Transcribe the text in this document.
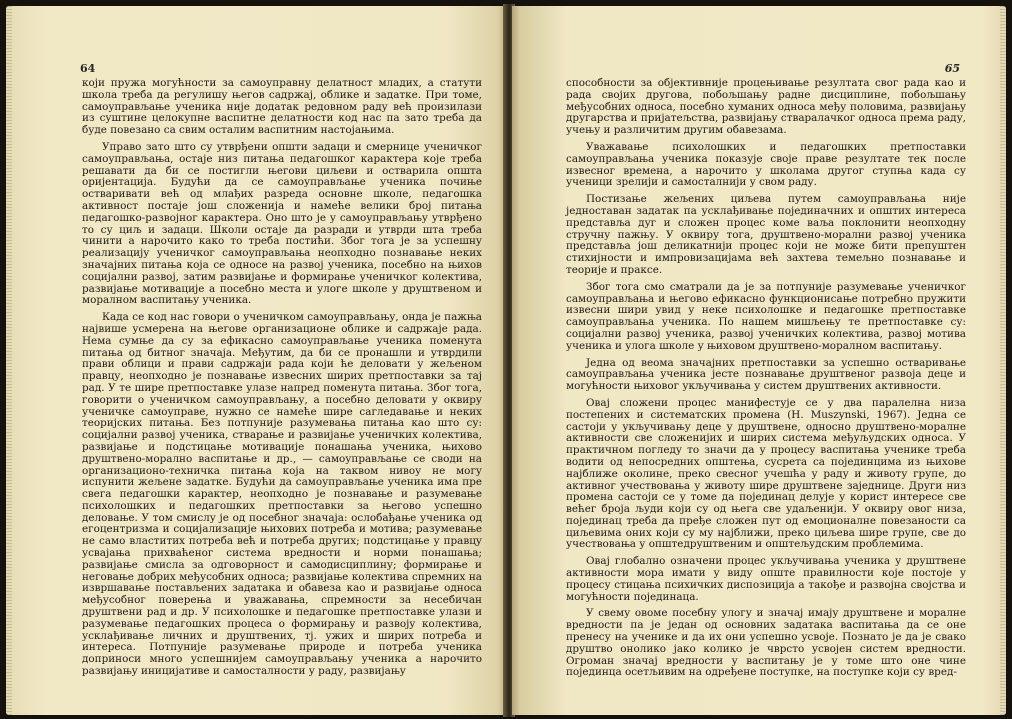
64

који пружа могућности за самоуправну делатност младих, а статути школа треба да регулишу његов садржај, облике и задатке. При томе, самоуправљање ученика није додатак редовном раду већ произилази из суштине целокупне васпитне делатности код нас па зато треба да буде повезано са свим осталим васпитним настојањима.

Управо зато што су утврђени општи задаци и смернице ученичког самоуправљања, остаје низ питања педагошког карактера које треба решавати да би се постигли његови циљеви и остварила општа оријентација. Будући да се самоуправљање ученика почиње остваривати већ од млађих разреда основне школе, педагошка активност постаје још сложенија и намеће велики број питања педагошко-развојног карактера. Оно што је у самоуправљању утврђено то су циљ и задаци. Школи остаје да разради и утврди шта треба чинити а нарочито како то треба постићи. Због тога је за успешну реализацију ученичког самоуправљања неопходно познавање неких значајних питања која се односе на развој ученика, посебно на њихов социјални развој, затим развијање и формирање ученичког колектива, развијање мотивације а посебно места и улоге школе у друштвеном и моралном васпитању ученика.

Када се код нас говори о ученичком самоуправљању, онда је пажња највише усмерена на његове организационе облике и садржаје рада. Нема сумње да су за ефикасно самоуправљање ученика поменута питања од битног значаја. Међутим, да би се пронашли и утврдили прави облици и прави садржаји рада који ће деловати у жељеном правцу, неопходно је познавање извесних ширих претпоставки за тај рад. У те шире претпоставке улазе напред поменута питања. Због тога, говорити о ученичком самоуправљању, а посебно деловати у оквиру ученичке самоуправе, нужно се намеће шире сагледавање и неких теоријских питања. Без потпуније разумевања питања као што су: социјални развој ученика, стварање и развијање ученичких колектива, развијање и подстицање мотивације понашања ученика, њихово друштвено-морално васпитање и др., — самоуправљање се своди на организационо-техничка питања која на таквом нивоу не могу испунити жељене задатке. Будући да самоуправљање ученика има пре свега педагошки карактер, неопходно је познавање и разумевање психолошких и педагошких претпоставки за његово успешно деловање. У том смислу је од посебног значаја: ослобађање ученика од егоцентризма и социјализације њихових потреба и мотива; разумевање не само властитих потреба већ и потреба других; подстицање у правцу усвајања прихваћеног система вредности и норми понашања; развијање смисла за одговорност и самодисциплину; формирање и неговање добрих међусобних односа; развијање колектива спремних на извршавање постављених задатака и обавеза као и развијање односа међусобног поверења и уважавања, спремности за несебичан друштвени рад и др. У психолошке и педагошке претпоставке улази и разумевање педагошких процеса о формирању и развоју колектива, усклађивање личних и друштвених, тј. ужих и ширих потреба и интереса. Потпуније разумевање природе и потреба ученика доприноси много успешнијем самоуправљању ученика а нарочито развијању иницијативе и самосталности у раду, развијању

65

способности за објективније процењивање резултата свог рада као и рада својих другова, побољшању радне дисциплине, побољшању међусобних односа, посебно хуманих односа међу половима, развијању другарства и пријатељства, развијању стваралачког односа према раду, учењу и различитим другим обавезама.

Уважавање психолошких и педагошких претпоставки самоуправљања ученика показује своје праве резултате тек после извесног времена, а нарочито у школама другог ступња када су ученици зрелији и самосталнији у свом раду.

Постизање жељених циљева путем самоуправљања није једноставан задатак па усклађивање појединачних и општих интереса представља дуг и сложен процес коме ваља поклонити неопходну стручну пажњу. У оквиру тога, друштвено-морални развој ученика представља још деликатнији процес који не може бити препуштен стихијности и импровизацијама већ захтева темељно познавање и теорије и праксе.

Због тога смо сматрали да је за потпуније разумевање ученичког самоуправљања и његово ефикасно функционисање потребно пружити извесни шири увид у неке психолошке и педагошке претпоставке самоуправљања ученика. По нашем мишљењу те претпоставке су: социјални развој ученика, развој ученичких колектива, развој мотива ученика и улога школе у њиховом друштвено-моралном васпитању.

Једна од веома значајних претпоставки за успешно остваривање самоуправљања ученика јесте познавање друштвеног развоја деце и могућности њиховог укључивања у систем друштвених активности.

Овај сложени процес манифестује се у два паралелна низа постепених и систематских промена (Н. Muszynski, 1967). Једна се састоји у укључивању деце у друштвене, односно друштвено-моралне активности све сложенијих и ширих система међуљудских односа. У практичном погледу то значи да у процесу васпитања ученике треба водити од непосредних општења, сусрета са појединцима из њихове најближе околине, преко свесног учешћа у раду и животу групе, до активног учествовања у животу шире друштвене заједнице. Други низ промена састоји се у томе да појединац делује у корист интересе све већег броја људи који су од њега све удаљенији. У оквиру овог низа, појединац треба да пређе сложен пут од емоционалне повезаности са циљевима оних који су му најближи, преко циљева шире групе, све до учествовања у општедруштвеним и општељудским проблемима.

Овај глобално означени процес укључивања ученика у друштвене активности мора имати у виду опште правилности које постоје у процесу стицања психичких диспозиција а такође и развојна својства и могућности појединаца.

У свему овоме посебну улогу и значај имају друштвене и моралне вредности па је један од основних задатака васпитања да се оне пренесу на ученике и да их они успешно усвоје. Познато је да је свако друштво онолико јако колико је чврсто усвојен систем вредности. Огроман значај вредности у васпитању је у томе што оне чине појединца осетљивим на одређене поступке, на поступке који су вред-
